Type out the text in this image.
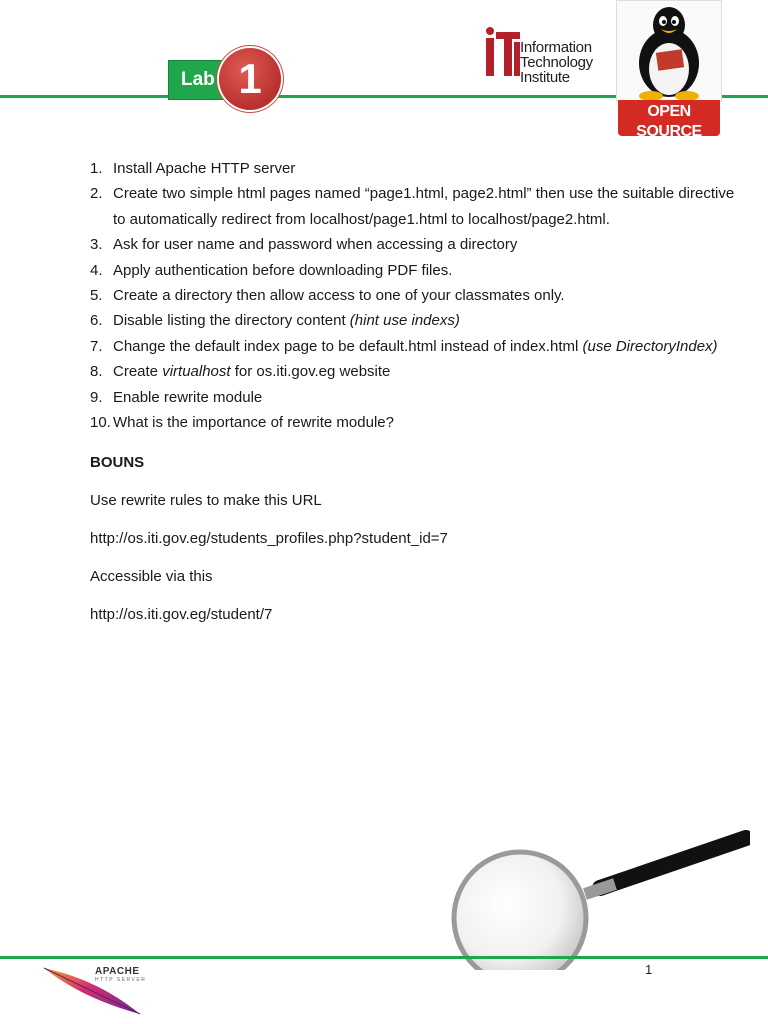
Lab 1
Information
Technology
Institute
OPEN SOURCE
DEPARTMENT
1. Install Apache HTTP server
2. Create two simple html pages named “page1.html, page2.html” then use the suitable directive to automatically redirect from localhost/page1.html to localhost/page2.html.
3. Ask for user name and password when accessing a directory
4. Apply authentication before downloading PDF files.
5. Create a directory then allow access to one of your classmates only.
6. Disable listing the directory content (hint use indexs)
7. Change the default index page to be default.html instead of index.html (use DirectoryIndex)
8. Create virtualhost for os.iti.gov.eg website
9. Enable rewrite module
10. What is the importance of rewrite module?
BOUNS
Use rewrite rules to make this URL
http://os.iti.gov.eg/students_profiles.php?student_id=7
Accessible via this
http://os.iti.gov.eg/student/7
APACHE
HTTP SERVER
1
